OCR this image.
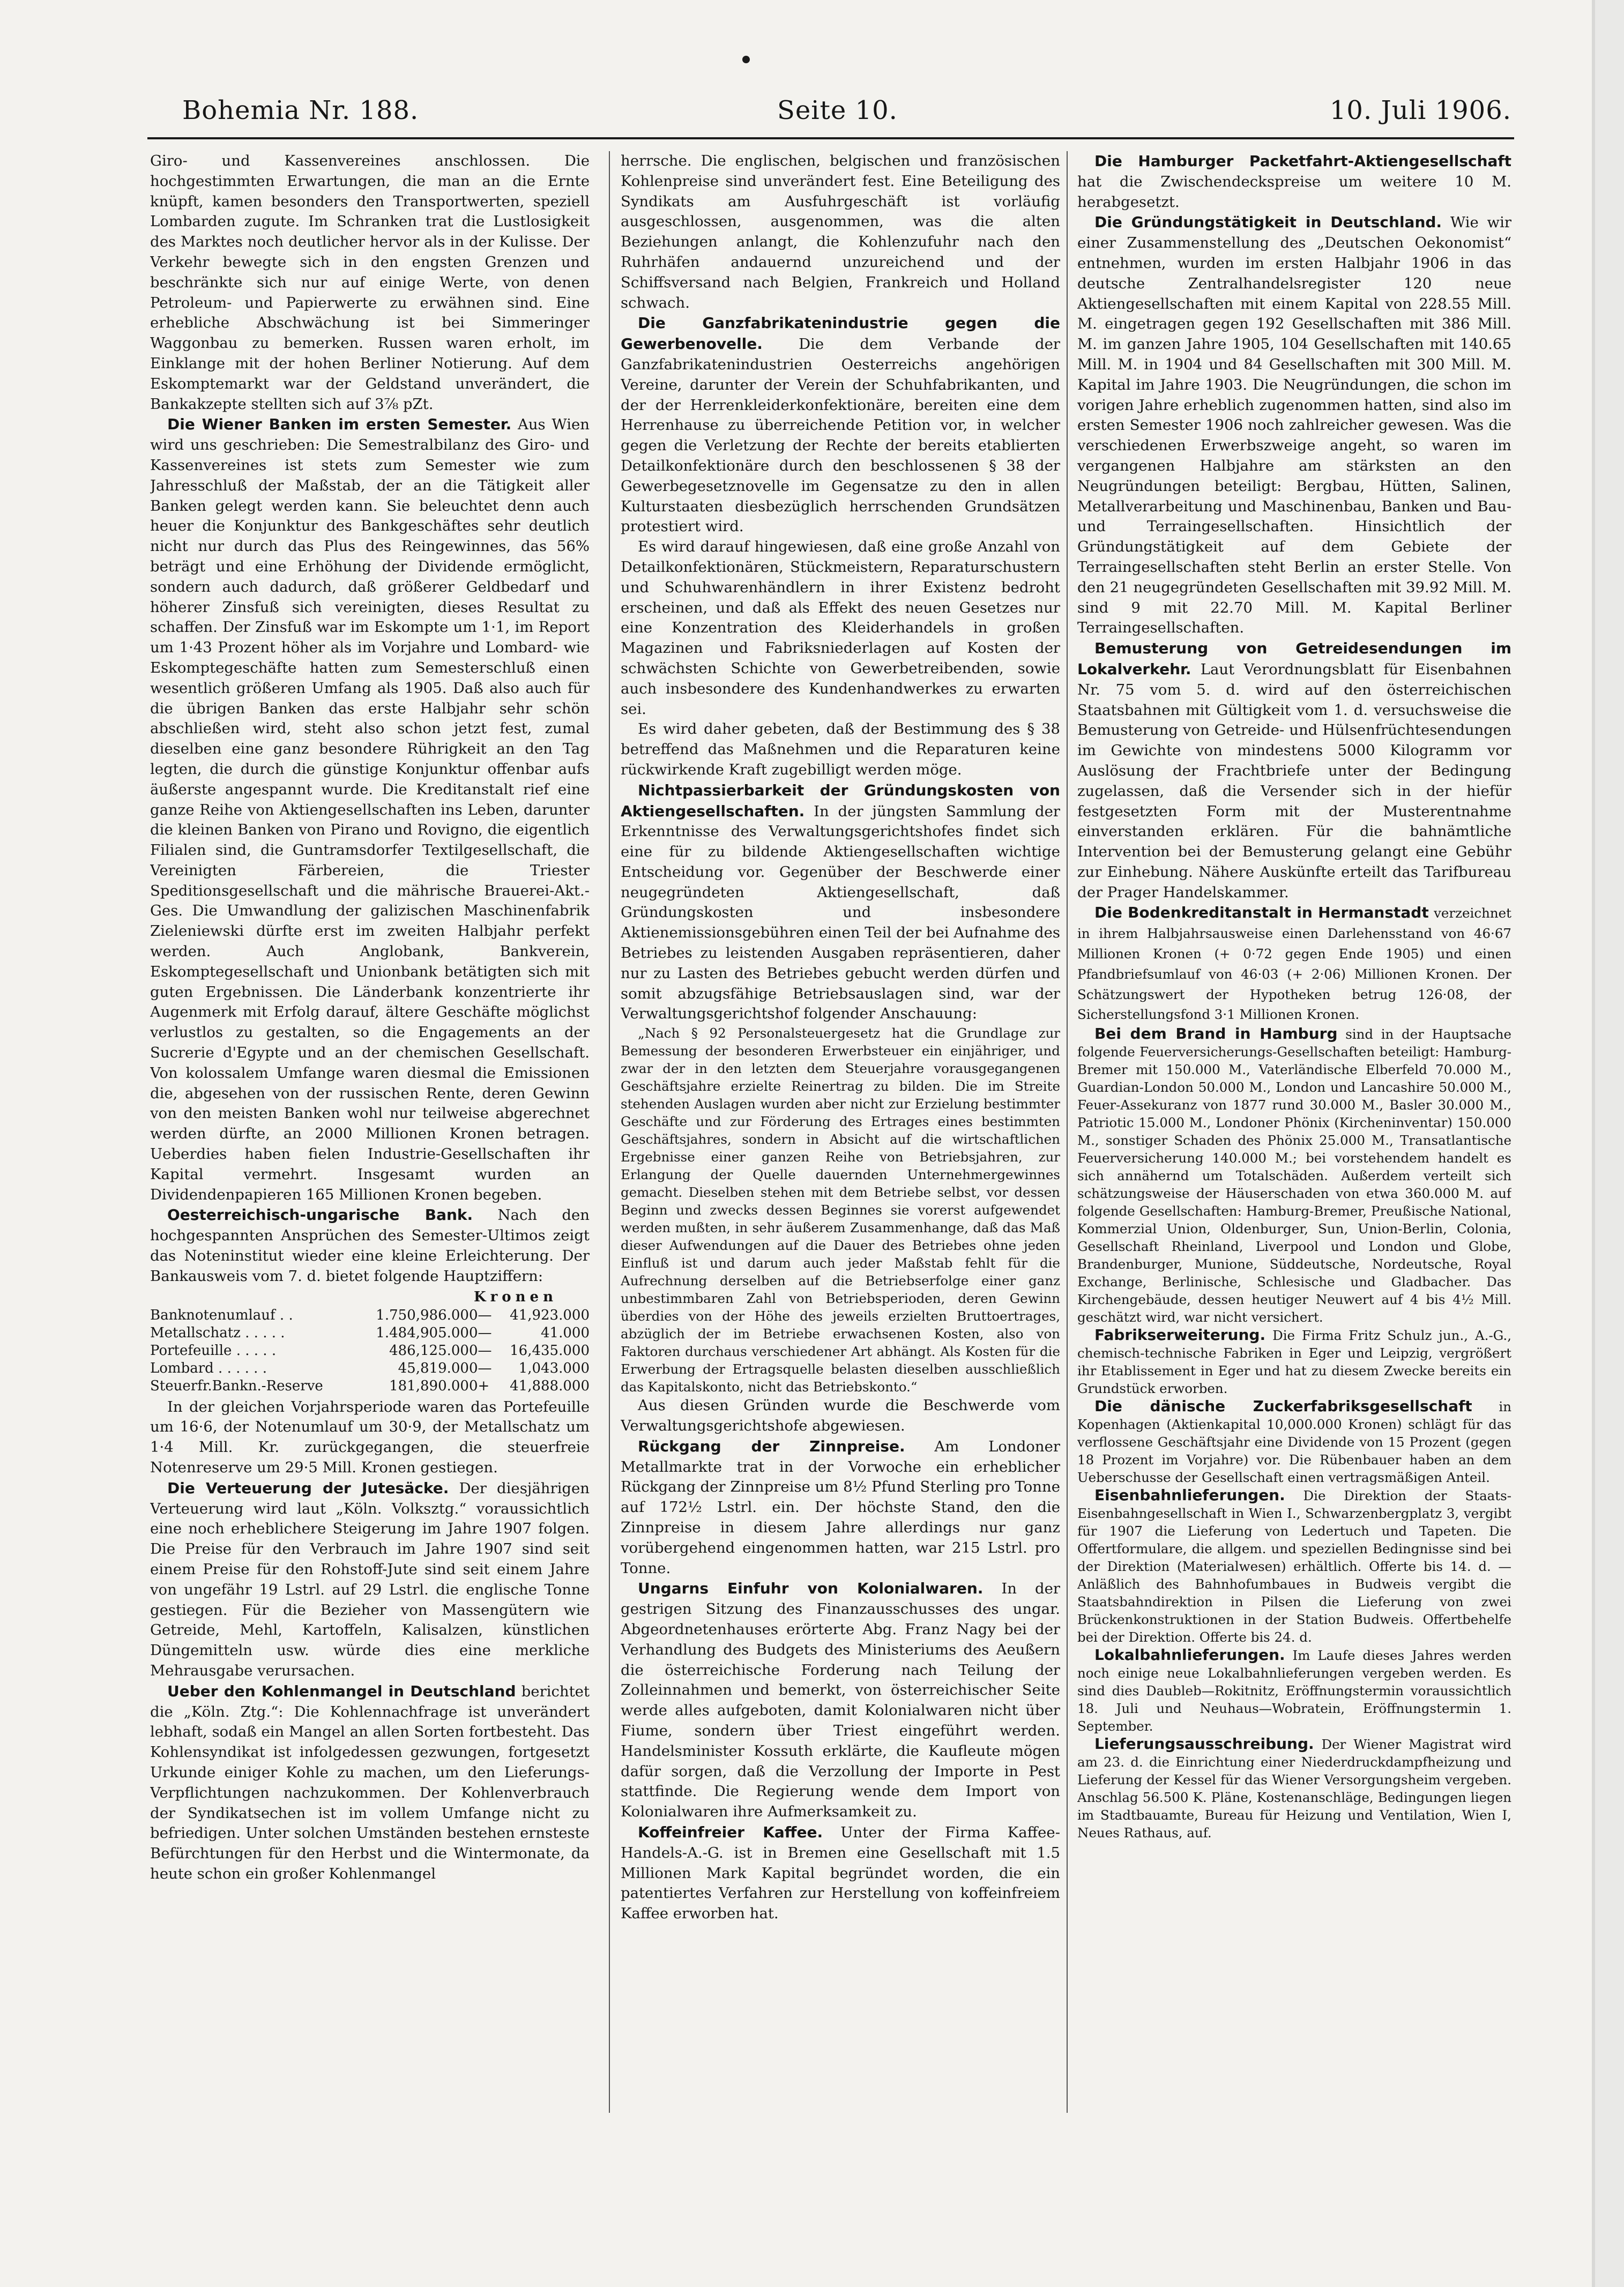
Bohemia Nr. 188.	Seite 10.	10. Juli 1906.

Giro- und Kassenvereines anschlossen. Die hochgestimmten Erwartungen, die man an die Ernte knüpft, kamen besonders den Transportwerten, speziell Lombarden zugute. Im Schranken trat die Lustlosigkeit des Marktes noch deutlicher hervor als in der Kulisse. Der Verkehr bewegte sich in den engsten Grenzen und beschränkte sich nur auf einige Werte, von denen Petroleum- und Papierwerte zu erwähnen sind. Eine erhebliche Abschwächung ist bei Simmeringer Waggonbau zu bemerken. Russen waren erholt, im Einklange mit der hohen Berliner Notierung. Auf dem Eskomptemarkt war der Geldstand unverändert, die Bankakzepte stellten sich auf 3⅞ pZt.

Die Wiener Banken im ersten Semester. Aus Wien wird uns geschrieben: Die Semestralbilanz des Giro- und Kassenvereines ist stets zum Semester wie zum Jahresschluß der Maßstab, der an die Tätigkeit aller Banken gelegt werden kann. Sie beleuchtet denn auch heuer die Konjunktur des Bankgeschäftes sehr deutlich nicht nur durch das Plus des Reingewinnes, das 56% beträgt und eine Erhöhung der Dividende ermöglicht, sondern auch dadurch, daß größerer Geldbedarf und höherer Zinsfuß sich vereinigten, dieses Resultat zu schaffen. Der Zinsfuß war im Eskompte um 1·1, im Report um 1·43 Prozent höher als im Vorjahre und Lombard- wie Eskomptegeschäfte hatten zum Semesterschluß einen wesentlich größeren Umfang als 1905. Daß also auch für die übrigen Banken das erste Halbjahr sehr schön abschließen wird, steht also schon jetzt fest, zumal dieselben eine ganz besondere Rührigkeit an den Tag legten, die durch die günstige Konjunktur offenbar aufs äußerste angespannt wurde. Die Kreditanstalt rief eine ganze Reihe von Aktiengesellschaften ins Leben, darunter die kleinen Banken von Pirano und Rovigno, die eigentlich Filialen sind, die Guntramsdorfer Textilgesellschaft, die Vereinigten Färbereien, die Triester Speditionsgesellschaft und die mährische Brauerei-Akt.-Ges. Die Umwandlung der galizischen Maschinenfabrik Zieleniewski dürfte erst im zweiten Halbjahr perfekt werden. Auch Anglobank, Bankverein, Eskomptegesellschaft und Unionbank betätigten sich mit guten Ergebnissen. Die Länderbank konzentrierte ihr Augenmerk mit Erfolg darauf, ältere Geschäfte möglichst verlustlos zu gestalten, so die Engagements an der Sucrerie d'Egypte und an der chemischen Gesellschaft. Von kolossalem Umfange waren diesmal die Emissionen die, abgesehen von der russischen Rente, deren Gewinn von den meisten Banken wohl nur teilweise abgerechnet werden dürfte, an 2000 Millionen Kronen betragen. Ueberdies haben fielen Industrie-Gesellschaften ihr Kapital vermehrt. Insgesamt wurden an Dividendenpapieren 165 Millionen Kronen begeben.

Oesterreichisch-ungarische Bank. Nach den hochgespannten Ansprüchen des Semester-Ultimos zeigt das Noteninstitut wieder eine kleine Erleichterung. Der Bankausweis vom 7. d. bietet folgende Hauptziffern:

Kronen			
Banknotenumlauf . .	1.750,986.000	—	41,923.000
Metallschatz . . . . .	1.484,905.000	—	41.000
Portefeuille . . . . .	486,125.000	—	16,435.000
Lombard . . . . . .	45,819.000	—	1,043.000
Steuerfr.Bankn.-Reserve	181,890.000	+	41,888.000

In der gleichen Vorjahrsperiode waren das Portefeuille um 16·6, der Notenumlauf um 30·9, der Metallschatz um 1·4 Mill. Kr. zurückgegangen, die steuerfreie Notenreserve um 29·5 Mill. Kronen gestiegen.

Die Verteuerung der Jutesäcke. Der diesjährigen Verteuerung wird laut „Köln. Volksztg.“ voraussichtlich eine noch erheblichere Steigerung im Jahre 1907 folgen. Die Preise für den Verbrauch im Jahre 1907 sind seit einem Preise für den Rohstoff-Jute sind seit einem Jahre von ungefähr 19 Lstrl. auf 29 Lstrl. die englische Tonne gestiegen. Für die Bezieher von Massengütern wie Getreide, Mehl, Kartoffeln, Kalisalzen, künstlichen Düngemitteln usw. würde dies eine merkliche Mehrausgabe verursachen.

Ueber den Kohlenmangel in Deutschland berichtet die „Köln. Ztg.“: Die Kohlennachfrage ist unverändert lebhaft, sodaß ein Mangel an allen Sorten fortbesteht. Das Kohlensyndikat ist infolgedessen gezwungen, fortgesetzt Urkunde einiger Kohle zu machen, um den Lieferungs-Verpflichtungen nachzukommen. Der Kohlenverbrauch der Syndikatsechen ist im vollem Umfange nicht zu befriedigen. Unter solchen Umständen bestehen ernsteste Befürchtungen für den Herbst und die Wintermonate, da heute schon ein großer Kohlenmangel

herrsche. Die englischen, belgischen und französischen Kohlenpreise sind unverändert fest. Eine Beteiligung des Syndikats am Ausfuhrgeschäft ist vorläufig ausgeschlossen, ausgenommen, was die alten Beziehungen anlangt, die Kohlenzufuhr nach den Ruhrhäfen andauernd unzureichend und der Schiffsversand nach Belgien, Frankreich und Holland schwach.

Die Ganzfabrikatenindustrie gegen die Gewerbenovelle. Die dem Verbande der Ganzfabrikatenindustrien Oesterreichs angehörigen Vereine, darunter der Verein der Schuhfabrikanten, und der der Herrenkleiderkonfektionäre, bereiten eine dem Herrenhause zu überreichende Petition vor, in welcher gegen die Verletzung der Rechte der bereits etablierten Detailkonfektionäre durch den beschlossenen § 38 der Gewerbegesetznovelle im Gegensatze zu den in allen Kulturstaaten diesbezüglich herrschenden Grundsätzen protestiert wird.

Es wird darauf hingewiesen, daß eine große Anzahl von Detailkonfektionären, Stückmeistern, Reparaturschustern und Schuhwarenhändlern in ihrer Existenz bedroht erscheinen, und daß als Effekt des neuen Gesetzes nur eine Konzentration des Kleiderhandels in großen Magazinen und Fabriksniederlagen auf Kosten der schwächsten Schichte von Gewerbetreibenden, sowie auch insbesondere des Kundenhandwerkes zu erwarten sei.

Es wird daher gebeten, daß der Bestimmung des § 38 betreffend das Maßnehmen und die Reparaturen keine rückwirkende Kraft zugebilligt werden möge.

Nichtpassierbarkeit der Gründungskosten von Aktiengesellschaften. In der jüngsten Sammlung der Erkenntnisse des Verwaltungsgerichtshofes findet sich eine für zu bildende Aktiengesellschaften wichtige Entscheidung vor. Gegenüber der Beschwerde einer neugegründeten Aktiengesellschaft, daß Gründungskosten und insbesondere Aktienemissionsgebühren einen Teil der bei Aufnahme des Betriebes zu leistenden Ausgaben repräsentieren, daher nur zu Lasten des Betriebes gebucht werden dürfen und somit abzugsfähige Betriebsauslagen sind, war der Verwaltungsgerichtshof folgender Anschauung:

„Nach § 92 Personalsteuergesetz hat die Grundlage zur Bemessung der besonderen Erwerbsteuer ein einjähriger, und zwar der in den letzten dem Steuerjahre vorausgegangenen Geschäftsjahre erzielte Reinertrag zu bilden. Die im Streite stehenden Auslagen wurden aber nicht zur Erzielung bestimmter Geschäfte und zur Förderung des Ertrages eines bestimmten Geschäftsjahres, sondern in Absicht auf die wirtschaftlichen Ergebnisse einer ganzen Reihe von Betriebsjahren, zur Erlangung der Quelle dauernden Unternehmergewinnes gemacht. Dieselben stehen mit dem Betriebe selbst, vor dessen Beginn und zwecks dessen Beginnes sie vorerst aufgewendet werden mußten, in sehr äußerem Zusammenhange, daß das Maß dieser Aufwendungen auf die Dauer des Betriebes ohne jeden Einfluß ist und darum auch jeder Maßstab fehlt für die Aufrechnung derselben auf die Betriebserfolge einer ganz unbestimmbaren Zahl von Betriebsperioden, deren Gewinn überdies von der Höhe des jeweils erzielten Bruttoertrages, abzüglich der im Betriebe erwachsenen Kosten, also von Faktoren durchaus verschiedener Art abhängt. Als Kosten für die Erwerbung der Ertragsquelle belasten dieselben ausschließlich das Kapitalskonto, nicht das Betriebskonto.“

Aus diesen Gründen wurde die Beschwerde vom Verwaltungsgerichtshofe abgewiesen.

Rückgang der Zinnpreise. Am Londoner Metallmarkte trat in der Vorwoche ein erheblicher Rückgang der Zinnpreise um 8½ Pfund Sterling pro Tonne auf 172½ Lstrl. ein. Der höchste Stand, den die Zinnpreise in diesem Jahre allerdings nur ganz vorübergehend eingenommen hatten, war 215 Lstrl. pro Tonne.

Ungarns Einfuhr von Kolonialwaren. In der gestrigen Sitzung des Finanzausschusses des ungar. Abgeordnetenhauses erörterte Abg. Franz Nagy bei der Verhandlung des Budgets des Ministeriums des Aeußern die österreichische Forderung nach Teilung der Zolleinnahmen und bemerkt, von österreichischer Seite werde alles aufgeboten, damit Kolonialwaren nicht über Fiume, sondern über Triest eingeführt werden. Handelsminister Kossuth erklärte, die Kaufleute mögen dafür sorgen, daß die Verzollung der Importe in Pest stattfinde. Die Regierung wende dem Import von Kolonialwaren ihre Aufmerksamkeit zu.

Koffeinfreier Kaffee. Unter der Firma Kaffee-Handels-A.-G. ist in Bremen eine Gesellschaft mit 1.5 Millionen Mark Kapital begründet worden, die ein patentiertes Verfahren zur Herstellung von koffeinfreiem Kaffee erworben hat.

Die Hamburger Packetfahrt-Aktiengesellschaft hat die Zwischendeckspreise um weitere 10 M. herabgesetzt.

Die Gründungstätigkeit in Deutschland. Wie wir einer Zusammenstellung des „Deutschen Oekonomist“ entnehmen, wurden im ersten Halbjahr 1906 in das deutsche Zentralhandelsregister 120 neue Aktiengesellschaften mit einem Kapital von 228.55 Mill. M. eingetragen gegen 192 Gesellschaften mit 386 Mill. M. im ganzen Jahre 1905, 104 Gesellschaften mit 140.65 Mill. M. in 1904 und 84 Gesellschaften mit 300 Mill. M. Kapital im Jahre 1903. Die Neugründungen, die schon im vorigen Jahre erheblich zugenommen hatten, sind also im ersten Semester 1906 noch zahlreicher gewesen. Was die verschiedenen Erwerbszweige angeht, so waren im vergangenen Halbjahre am stärksten an den Neugründungen beteiligt: Bergbau, Hütten, Salinen, Metallverarbeitung und Maschinenbau, Banken und Bau- und Terraingesellschaften. Hinsichtlich der Gründungstätigkeit auf dem Gebiete der Terraingesellschaften steht Berlin an erster Stelle. Von den 21 neugegründeten Gesellschaften mit 39.92 Mill. M. sind 9 mit 22.70 Mill. M. Kapital Berliner Terraingesellschaften.

Bemusterung von Getreidesendungen im Lokalverkehr. Laut Verordnungsblatt für Eisenbahnen Nr. 75 vom 5. d. wird auf den österreichischen Staatsbahnen mit Gültigkeit vom 1. d. versuchsweise die Bemusterung von Getreide- und Hülsenfrüchtesendungen im Gewichte von mindestens 5000 Kilogramm vor Auslösung der Frachtbriefe unter der Bedingung zugelassen, daß die Versender sich in der hiefür festgesetzten Form mit der Musterentnahme einverstanden erklären. Für die bahnämtliche Intervention bei der Bemusterung gelangt eine Gebühr zur Einhebung. Nähere Auskünfte erteilt das Tarifbureau der Prager Handelskammer.

Die Bodenkreditanstalt in Hermanstadt verzeichnet in ihrem Halbjahrsausweise einen Darlehensstand von 46·67 Millionen Kronen (+ 0·72 gegen Ende 1905) und einen Pfandbriefsumlauf von 46·03 (+ 2·06) Millionen Kronen. Der Schätzungswert der Hypotheken betrug 126·08, der Sicherstellungsfond 3·1 Millionen Kronen.

Bei dem Brand in Hamburg sind in der Hauptsache folgende Feuerversicherungs-Gesellschaften beteiligt: Hamburg-Bremer mit 150.000 M., Vaterländische Elberfeld 70.000 M., Guardian-London 50.000 M., London und Lancashire 50.000 M., Feuer-Assekuranz von 1877 rund 30.000 M., Basler 30.000 M., Patriotic 15.000 M., Londoner Phönix (Kircheninventar) 150.000 M., sonstiger Schaden des Phönix 25.000 M., Transatlantische Feuerversicherung 140.000 M.; bei vorstehendem handelt es sich annähernd um Totalschäden. Außerdem verteilt sich schätzungsweise der Häuserschaden von etwa 360.000 M. auf folgende Gesellschaften: Hamburg-Bremer, Preußische National, Kommerzial Union, Oldenburger, Sun, Union-Berlin, Colonia, Gesellschaft Rheinland, Liverpool und London und Globe, Brandenburger, Munione, Süddeutsche, Nordeutsche, Royal Exchange, Berlinische, Schlesische und Gladbacher. Das Kirchengebäude, dessen heutiger Neuwert auf 4 bis 4½ Mill. geschätzt wird, war nicht versichert.

Fabrikserweiterung. Die Firma Fritz Schulz jun., A.-G., chemisch-technische Fabriken in Eger und Leipzig, vergrößert ihr Etablissement in Eger und hat zu diesem Zwecke bereits ein Grundstück erworben.

Die dänische Zuckerfabriksgesellschaft in Kopenhagen (Aktienkapital 10,000.000 Kronen) schlägt für das verflossene Geschäftsjahr eine Dividende von 15 Prozent (gegen 18 Prozent im Vorjahre) vor. Die Rübenbauer haben an dem Ueberschusse der Gesellschaft einen vertragsmäßigen Anteil.

Eisenbahnlieferungen. Die Direktion der Staats-Eisenbahngesellschaft in Wien I., Schwarzenbergplatz 3, vergibt für 1907 die Lieferung von Ledertuch und Tapeten. Die Offertformulare, die allgem. und speziellen Bedingnisse sind bei der Direktion (Materialwesen) erhältlich. Offerte bis 14. d. — Anläßlich des Bahnhofumbaues in Budweis vergibt die Staatsbahndirektion in Pilsen die Lieferung von zwei Brückenkonstruktionen in der Station Budweis. Offertbehelfe bei der Direktion. Offerte bis 24. d.

Lokalbahnlieferungen. Im Laufe dieses Jahres werden noch einige neue Lokalbahnlieferungen vergeben werden. Es sind dies Daubleb—Rokitnitz, Eröffnungstermin voraussichtlich 18. Juli und Neuhaus—Wobratein, Eröffnungstermin 1. September.

Lieferungsausschreibung. Der Wiener Magistrat wird am 23. d. die Einrichtung einer Niederdruckdampfheizung und Lieferung der Kessel für das Wiener Versorgungsheim vergeben. Anschlag 56.500 K. Pläne, Kostenanschläge, Bedingungen liegen im Stadtbauamte, Bureau für Heizung und Ventilation, Wien I, Neues Rathaus, auf.
